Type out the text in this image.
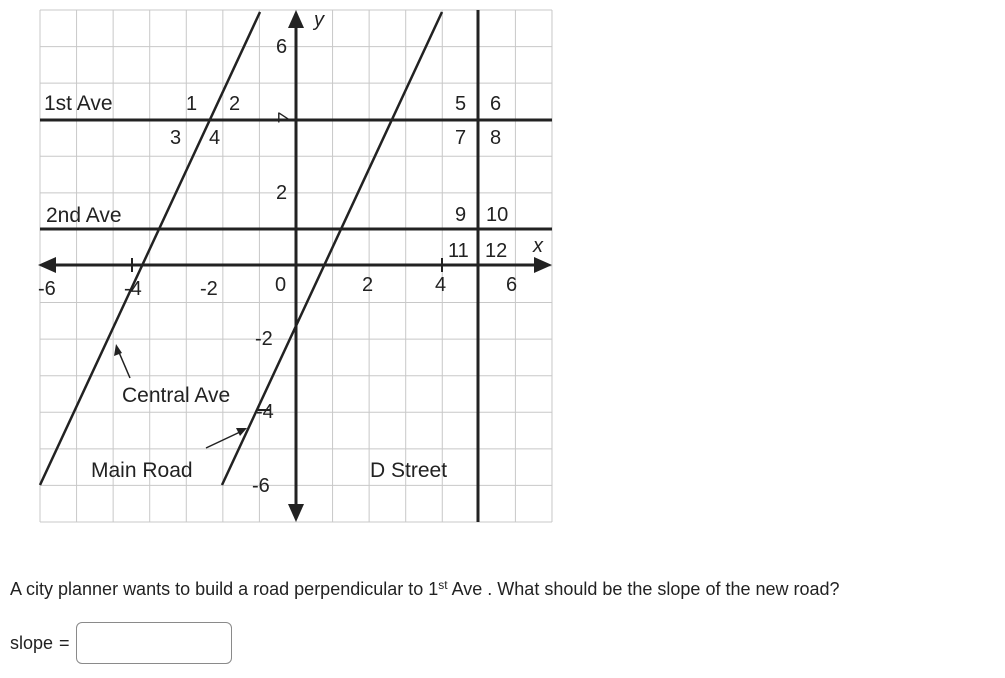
y
x
6
4
2
-2
-4
-6
-6	-4	-2	0	2	4	6
1st Ave
2nd Ave
Central Ave
Main Road	D Street
1 2
3 4
5 6
7 8
9 10
11 12
A city planner wants to build a road perpendicular to 1st Ave . What should be the slope of the new road?
slope =
